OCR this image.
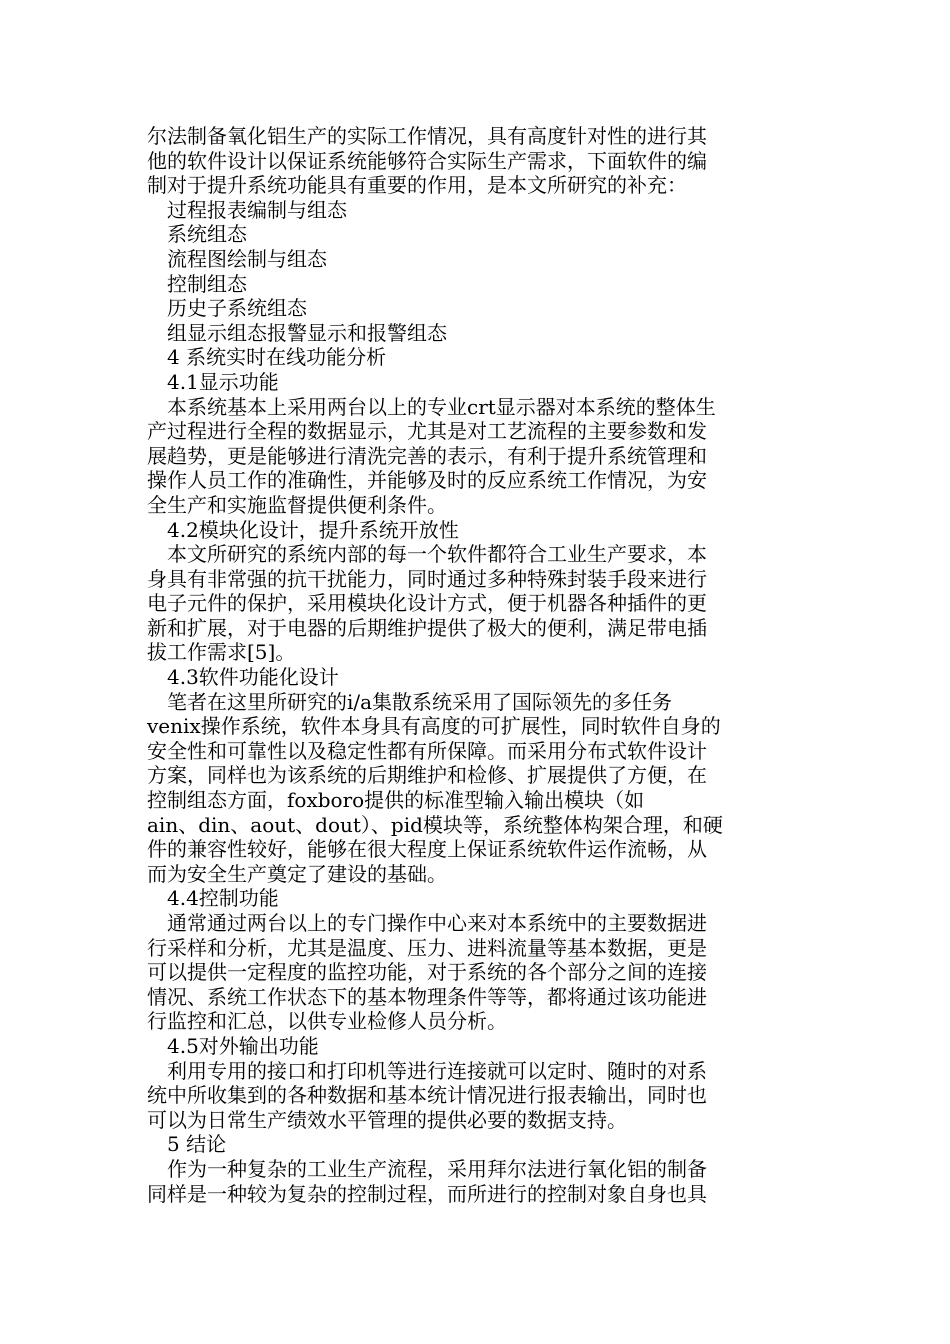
尔法制备氧化铝生产的实际工作情况，具有高度针对性的进行其

他的软件设计以保证系统能够符合实际生产需求，下面软件的编

制对于提升系统功能具有重要的作用，是本文所研究的补充：

过程报表编制与组态

系统组态

流程图绘制与组态

控制组态

历史子系统组态

组显示组态报警显示和报警组态

4 系统实时在线功能分析

4.1显示功能

本系统基本上采用两台以上的专业crt显示器对本系统的整体生

产过程进行全程的数据显示，尤其是对工艺流程的主要参数和发

展趋势，更是能够进行清洗完善的表示，有利于提升系统管理和

操作人员工作的准确性，并能够及时的反应系统工作情况，为安

全生产和实施监督提供便利条件。

4.2模块化设计，提升系统开放性

本文所研究的系统内部的每一个软件都符合工业生产要求，本

身具有非常强的抗干扰能力，同时通过多种特殊封装手段来进行

电子元件的保护，采用模块化设计方式，便于机器各种插件的更

新和扩展，对于电器的后期维护提供了极大的便利，满足带电插

拔工作需求[5]。

4.3软件功能化设计

笔者在这里所研究的i/a集散系统采用了国际领先的多任务

venix操作系统，软件本身具有高度的可扩展性，同时软件自身的

安全性和可靠性以及稳定性都有所保障。而采用分布式软件设计

方案，同样也为该系统的后期维护和检修、扩展提供了方便，在

控制组态方面，foxboro提供的标准型输入输出模块（如

ain、din、aout、dout）、pid模块等，系统整体构架合理，和硬

件的兼容性较好，能够在很大程度上保证系统软件运作流畅，从

而为安全生产奠定了建设的基础。

4.4控制功能

通常通过两台以上的专门操作中心来对本系统中的主要数据进

行采样和分析，尤其是温度、压力、进料流量等基本数据，更是

可以提供一定程度的监控功能，对于系统的各个部分之间的连接

情况、系统工作状态下的基本物理条件等等，都将通过该功能进

行监控和汇总，以供专业检修人员分析。

4.5对外输出功能

利用专用的接口和打印机等进行连接就可以定时、随时的对系

统中所收集到的各种数据和基本统计情况进行报表输出，同时也

可以为日常生产绩效水平管理的提供必要的数据支持。

5 结论

作为一种复杂的工业生产流程，采用拜尔法进行氧化铝的制备

同样是一种较为复杂的控制过程，而所进行的控制对象自身也具
